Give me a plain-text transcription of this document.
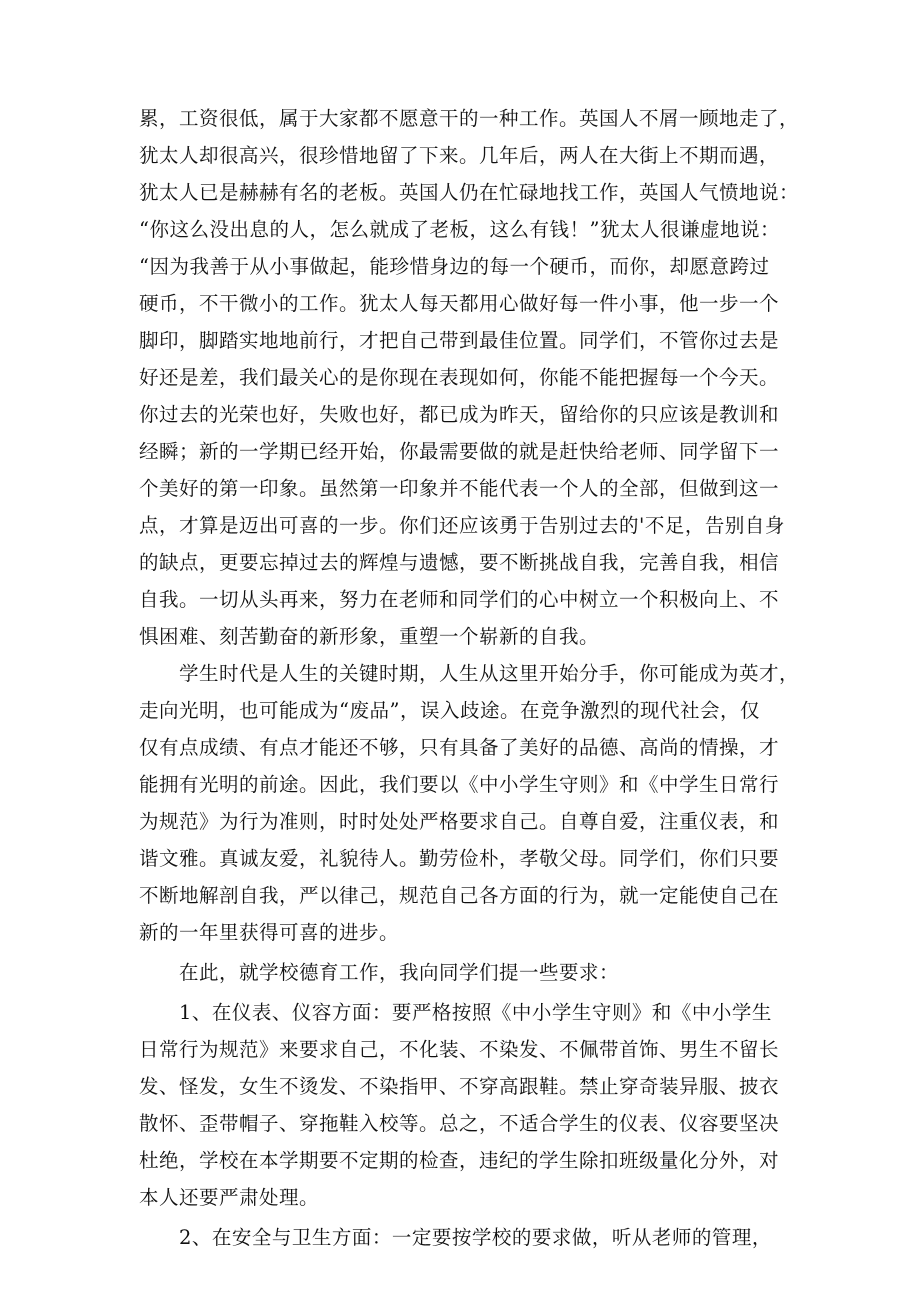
累，工资很低，属于大家都不愿意干的一种工作。英国人不屑一顾地走了，
犹太人却很高兴，很珍惜地留了下来。几年后，两人在大街上不期而遇，
犹太人已是赫赫有名的老板。英国人仍在忙碌地找工作，英国人气愤地说：
“你这么没出息的人，怎么就成了老板，这么有钱！”犹太人很谦虚地说：
“因为我善于从小事做起，能珍惜身边的每一个硬币，而你，却愿意跨过
硬币，不干微小的工作。犹太人每天都用心做好每一件小事，他一步一个
脚印，脚踏实地地前行，才把自己带到最佳位置。同学们，不管你过去是
好还是差，我们最关心的是你现在表现如何，你能不能把握每一个今天。
你过去的光荣也好，失败也好，都已成为昨天，留给你的只应该是教训和
经瞬；新的一学期已经开始，你最需要做的就是赶快给老师、同学留下一
个美好的第一印象。虽然第一印象并不能代表一个人的全部，但做到这一
点，才算是迈出可喜的一步。你们还应该勇于告别过去的'不足，告别自身
的缺点，更要忘掉过去的辉煌与遗憾，要不断挑战自我，完善自我，相信
自我。一切从头再来，努力在老师和同学们的心中树立一个积极向上、不
惧困难、刻苦勤奋的新形象，重塑一个崭新的自我。
学生时代是人生的关键时期，人生从这里开始分手，你可能成为英才，
走向光明，也可能成为“废品”，误入歧途。在竞争激烈的现代社会，仅
仅有点成绩、有点才能还不够，只有具备了美好的品德、高尚的情操，才
能拥有光明的前途。因此，我们要以《中小学生守则》和《中学生日常行
为规范》为行为准则，时时处处严格要求自己。自尊自爱，注重仪表，和
谐文雅。真诚友爱，礼貌待人。勤劳俭朴，孝敬父母。同学们，你们只要
不断地解剖自我，严以律己，规范自己各方面的行为，就一定能使自己在
新的一年里获得可喜的进步。
在此，就学校德育工作，我向同学们提一些要求：
1、在仪表、仪容方面：要严格按照《中小学生守则》和《中小学生
日常行为规范》来要求自己，不化装、不染发、不佩带首饰、男生不留长
发、怪发，女生不烫发、不染指甲、不穿高跟鞋。禁止穿奇装异服、披衣
散怀、歪带帽子、穿拖鞋入校等。总之，不适合学生的仪表、仪容要坚决
杜绝，学校在本学期要不定期的检查，违纪的学生除扣班级量化分外，对
本人还要严肃处理。
2、在安全与卫生方面：一定要按学校的要求做，听从老师的管理，
